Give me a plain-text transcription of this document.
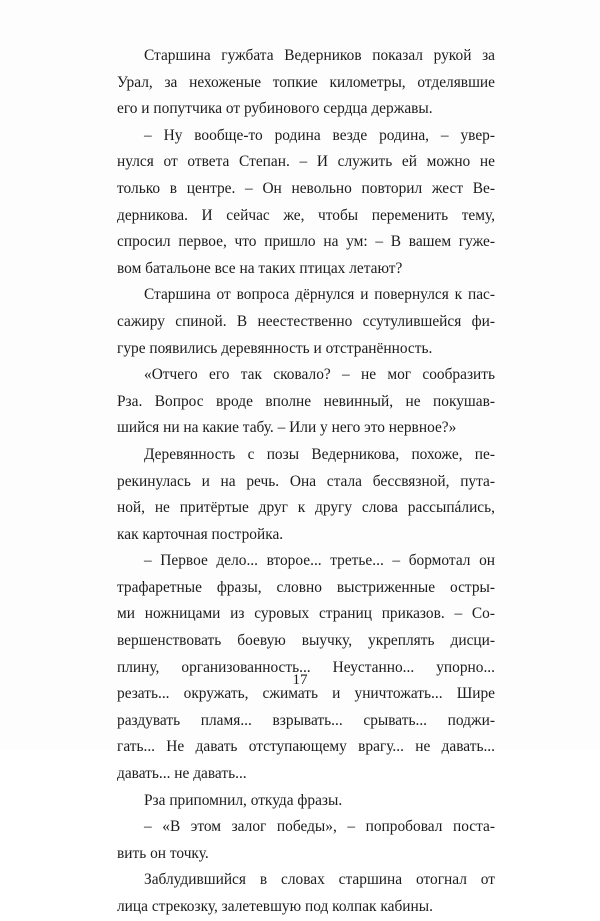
Старшина гужбата Ведерников показал рукой за
Урал, за нехоженые топкие километры, отделявшие
его и попутчика от рубинового сердца державы.
– Ну вообще-то родина везде родина, – увер-
нулся от ответа Степан. – И служить ей можно не
только в центре. – Он невольно повторил жест Ве-
дерникова. И сейчас же, чтобы переменить тему,
спросил первое, что пришло на ум: – В вашем гуже-
вом батальоне все на таких птицах летают?
Старшина от вопроса дёрнулся и повернулся к пас-
сажиру спиной. В неестественно ссутулившейся фи-
гуре появились деревянность и отстранённость.
«Отчего его так сковало? – не мог сообразить
Рза. Вопрос вроде вполне невинный, не покушав-
шийся ни на какие табу. – Или у него это нервное?»
Деревянность с позы Ведерникова, похоже, пе-
рекинулась и на речь. Она стала бессвязной, пута-
ной, не притёртые друг к другу слова рассыпáлись,
как карточная постройка.
– Первое дело... второе... третье... – бормотал он
трафаретные фразы, словно выстриженные остры-
ми ножницами из суровых страниц приказов. – Со-
вершенствовать боевую выучку, укреплять дисци-
плину, организованность... Неустанно... упорно...
резать... окружать, сжимать и уничтожать... Шире
раздувать пламя... взрывать... срывать... поджи-
гать... Не давать отступающему врагу... не давать...
давать... не давать...
Рза припомнил, откуда фразы.
– «В этом залог победы», – попробовал поста-
вить он точку.
Заблудившийся в словах старшина отогнал от
лица стрекозку, залетевшую под колпак кабины.
17
